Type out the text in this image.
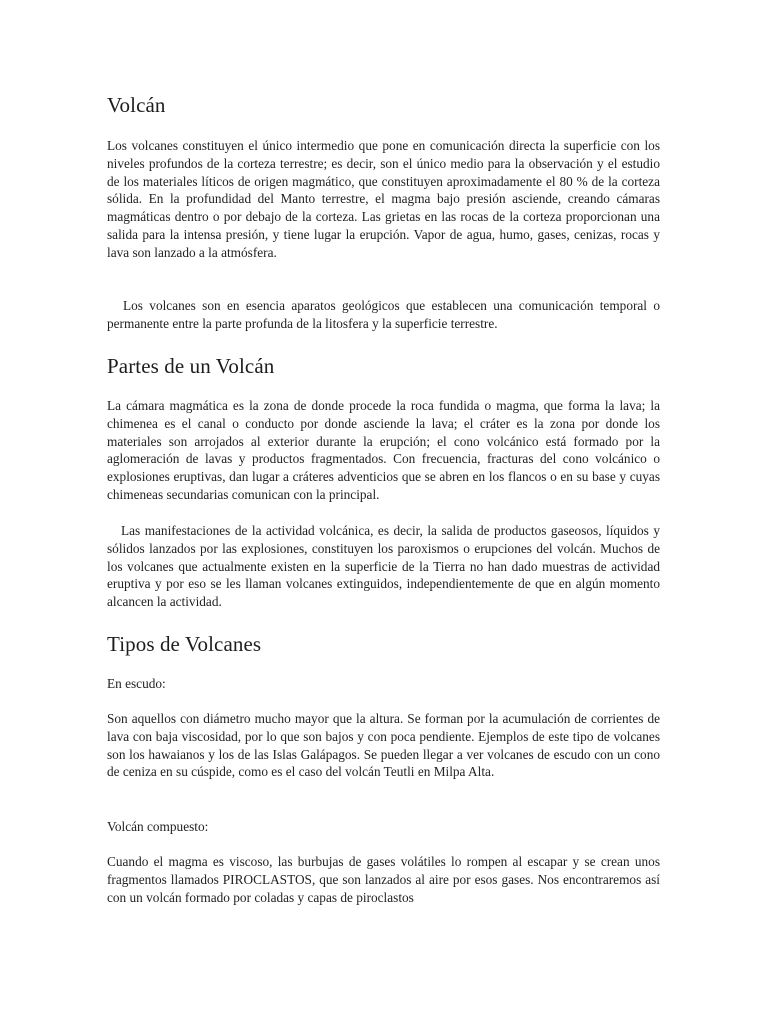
Volcán

Los volcanes constituyen el único intermedio que pone en comunicación directa la superficie con los niveles profundos de la corteza terrestre; es decir, son el único medio para la observación y el estudio de los materiales líticos de origen magmático, que constituyen aproximadamente el 80 % de la corteza sólida. En la profundidad del Manto terrestre, el magma bajo presión asciende, creando cámaras magmáticas dentro o por debajo de la corteza. Las grietas en las rocas de la corteza proporcionan una salida para la intensa presión, y tiene lugar la erupción. Vapor de agua, humo, gases, cenizas, rocas y lava son lanzado a la atmósfera.

Los volcanes son en esencia aparatos geológicos que establecen una comunicación temporal o permanente entre la parte profunda de la litosfera y la superficie terrestre.

Partes de un Volcán

La cámara magmática es la zona de donde procede la roca fundida o magma, que forma la lava; la chimenea es el canal o conducto por donde asciende la lava; el cráter es la zona por donde los materiales son arrojados al exterior durante la erupción; el cono volcánico está formado por la aglomeración de lavas y productos fragmentados. Con frecuencia, fracturas del cono volcánico o explosiones eruptivas, dan lugar a cráteres adventicios que se abren en los flancos o en su base y cuyas chimeneas secundarias comunican con la principal.

Las manifestaciones de la actividad volcánica, es decir, la salida de productos gaseosos, líquidos y sólidos lanzados por las explosiones, constituyen los paroxismos o erupciones del volcán. Muchos de los volcanes que actualmente existen en la superficie de la Tierra no han dado muestras de actividad eruptiva y por eso se les llaman volcanes extinguidos, independientemente de que en algún momento alcancen la actividad.

Tipos de Volcanes

En escudo:

Son aquellos con diámetro mucho mayor que la altura. Se forman por la acumulación de corrientes de lava con baja viscosidad, por lo que son bajos y con poca pendiente. Ejemplos de este tipo de volcanes son los hawaianos y los de las Islas Galápagos. Se pueden llegar a ver volcanes de escudo con un cono de ceniza en su cúspide, como es el caso del volcán Teutli en Milpa Alta.

Volcán compuesto:

Cuando el magma es viscoso, las burbujas de gases volátiles lo rompen al escapar y se crean unos fragmentos llamados PIROCLASTOS, que son lanzados al aire por esos gases. Nos encontraremos así con un volcán formado por coladas y capas de piroclastos
